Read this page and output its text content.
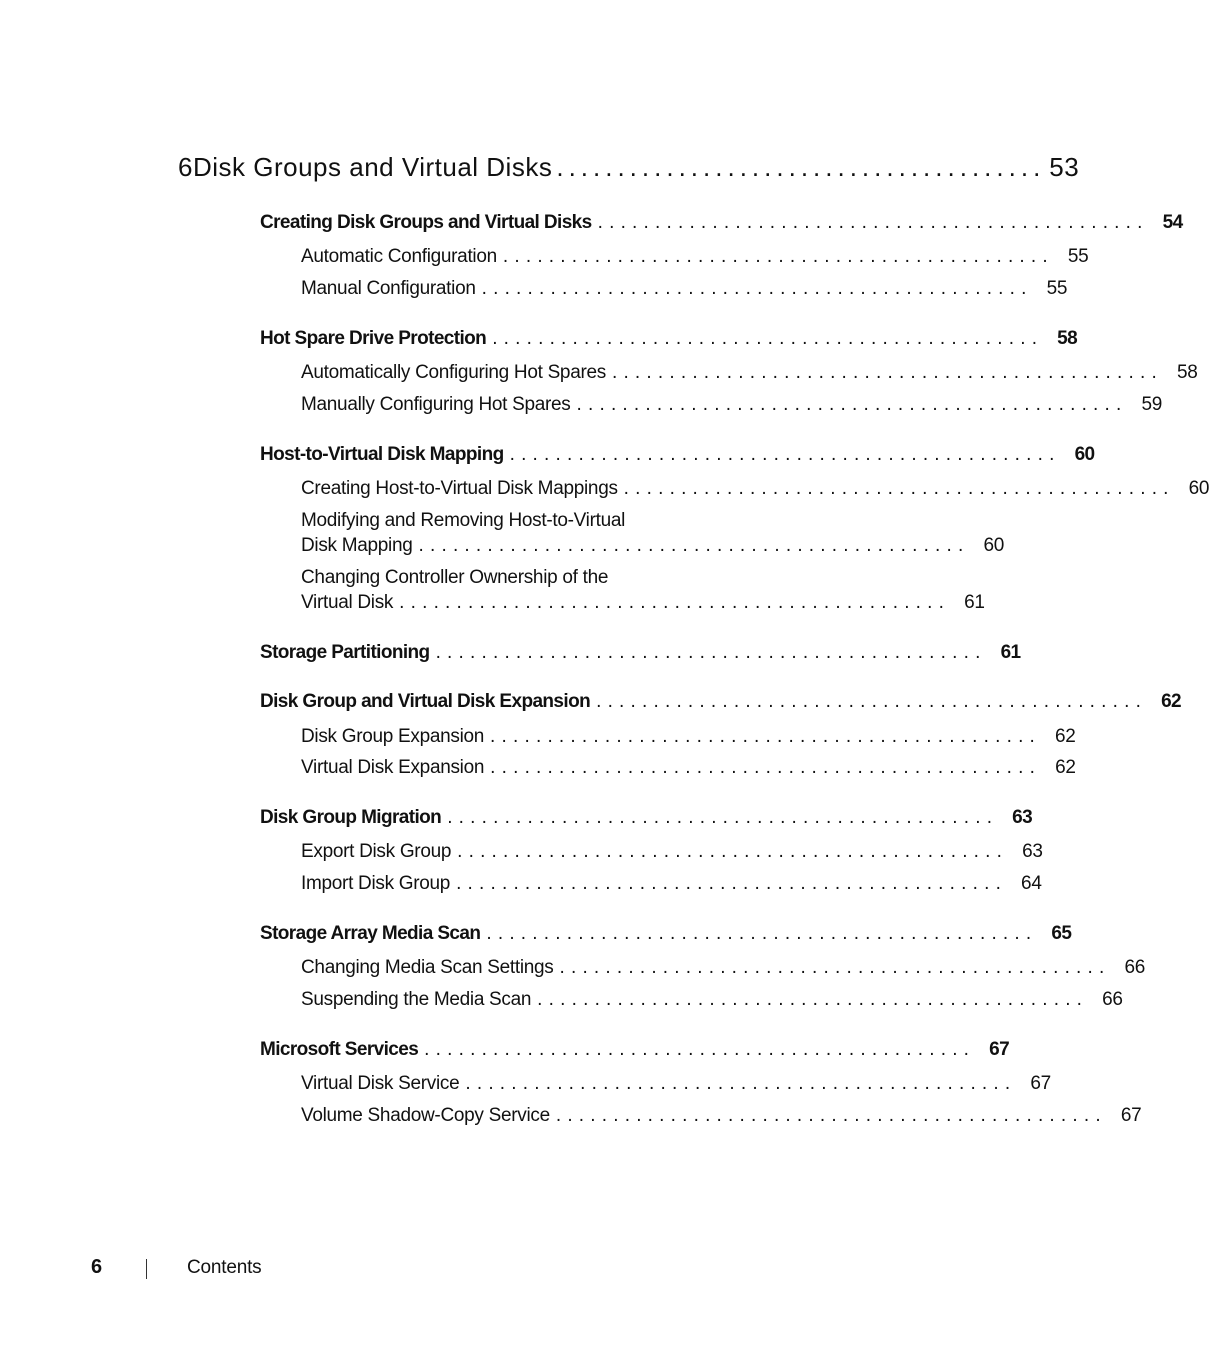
6 Disk Groups and Virtual Disks ........................................ 53
Creating Disk Groups and Virtual Disks ................................................ 54
Automatic Configuration ................................................ 55
Manual Configuration ................................................ 55
Hot Spare Drive Protection ................................................ 58
Automatically Configuring Hot Spares ................................................ 58
Manually Configuring Hot Spares ................................................ 59
Host-to-Virtual Disk Mapping ................................................ 60
Creating Host-to-Virtual Disk Mappings ................................................ 60
Modifying and Removing Host-to-Virtual
Disk Mapping ................................................ 60
Changing Controller Ownership of the
Virtual Disk ................................................ 61
Storage Partitioning ................................................ 61
Disk Group and Virtual Disk Expansion ................................................ 62
Disk Group Expansion ................................................ 62
Virtual Disk Expansion ................................................ 62
Disk Group Migration ................................................ 63
Export Disk Group ................................................ 63
Import Disk Group ................................................ 64
Storage Array Media Scan ................................................ 65
Changing Media Scan Settings ................................................ 66
Suspending the Media Scan ................................................ 66
Microsoft Services ................................................ 67
Virtual Disk Service ................................................ 67
Volume Shadow-Copy Service ................................................ 67
6	Contents
